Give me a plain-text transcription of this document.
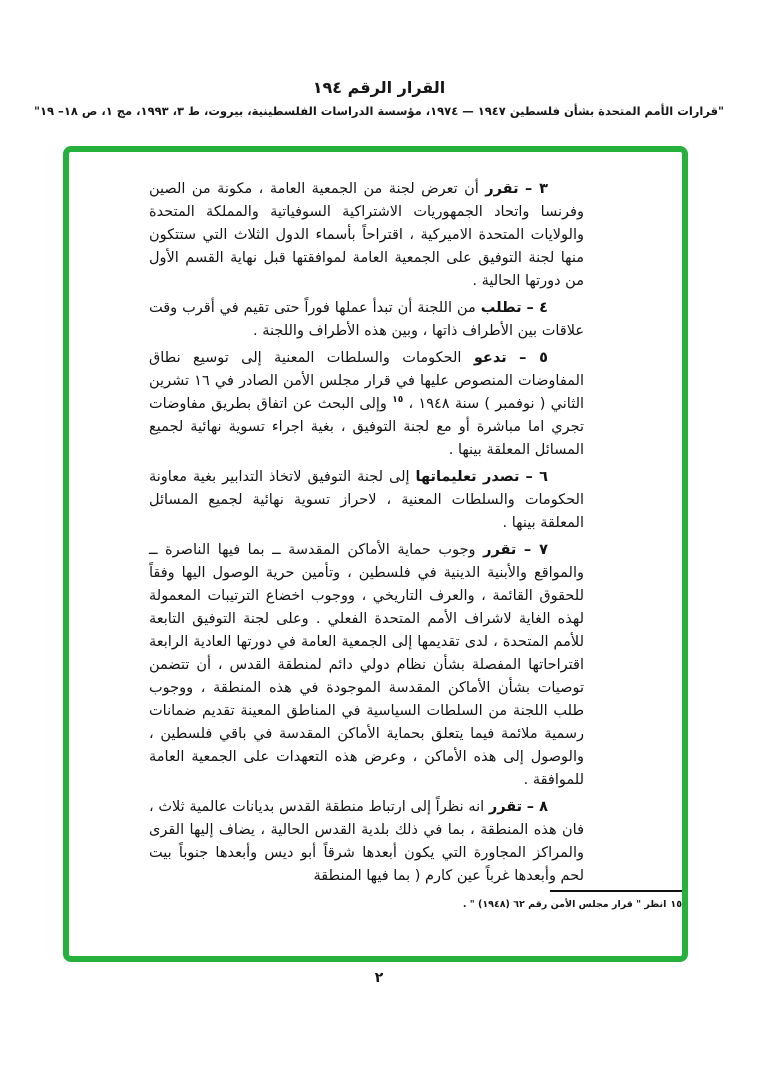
القرار الرقم ١٩٤
"قرارات الأمم المتحدة بشأن فلسطين ١٩٤٧ — ١٩٧٤، مؤسسة الدراسات الفلسطينية، بيروت، ط ٣، ١٩٩٣، مج ١، ص ١٨– ١٩"

٣ – تقرر أن تعرض لجنة من الجمعية العامة ، مكونة من الصين وفرنسا واتحاد الجمهوريات الاشتراكية السوفياتية والمملكة المتحدة والولايات المتحدة الاميركية ، اقتراحاً بأسماء الدول الثلاث التي ستتكون منها لجنة التوفيق على الجمعية العامة لموافقتها قبل نهاية القسم الأول من دورتها الحالية .

٤ – تطلب من اللجنة أن تبدأ عملها فوراً حتى تقيم في أقرب وقت علاقات بين الأطراف ذاتها ، وبين هذه الأطراف واللجنة .

٥ – تدعو الحكومات والسلطات المعنية إلى توسيع نطاق المفاوضات المنصوص عليها في قرار مجلس الأمن الصادر في ١٦ تشرين الثاني ( نوفمبر ) سنة ١٩٤٨ ، $^{١٥}$ وإلى البحث عن اتفاق بطريق مفاوضات تجري اما مباشرة أو مع لجنة التوفيق ، بغية اجراء تسوية نهائية لجميع المسائل المعلقة بينها .

٦ – تصدر تعليماتها إلى لجنة التوفيق لاتخاذ التدابير بغية معاونة الحكومات والسلطات المعنية ، لاحراز تسوية نهائية لجميع المسائل المعلقة بينها .

٧ – تقرر وجوب حماية الأماكن المقدسة ــ بما فيها الناصرة ــ والمواقع والأبنية الدينية في فلسطين ، وتأمين حرية الوصول اليها وفقاً للحقوق القائمة ، والعرف التاريخي ، ووجوب اخضاع الترتيبات المعمولة لهذه الغاية لاشراف الأمم المتحدة الفعلي . وعلى لجنة التوفيق التابعة للأمم المتحدة ، لدى تقديمها إلى الجمعية العامة في دورتها العادية الرابعة اقتراحاتها المفصلة بشأن نظام دولي دائم لمنطقة القدس ، أن تتضمن توصيات بشأن الأماكن المقدسة الموجودة في هذه المنطقة ، ووجوب طلب اللجنة من السلطات السياسية في المناطق المعينة تقديم ضمانات رسمية ملائمة فيما يتعلق بحماية الأماكن المقدسة في باقي فلسطين ، والوصول إلى هذه الأماكن ، وعرض هذه التعهدات على الجمعية العامة للموافقة .

٨ – تقرر انه نظراً إلى ارتباط منطقة القدس بديانات عالمية ثلاث ، فان هذه المنطقة ، بما في ذلك بلدية القدس الحالية ، يضاف إليها القرى والمراكز المجاورة التي يكون أبعدها شرقاً أبو ديس وأبعدها جنوباً بيت لحم وأبعدها غرباً عين كارم ( بما فيها المنطقة

١٥انظر " قرار مجلس الأمن رقم ٦٢ (١٩٤٨) " .
٢
